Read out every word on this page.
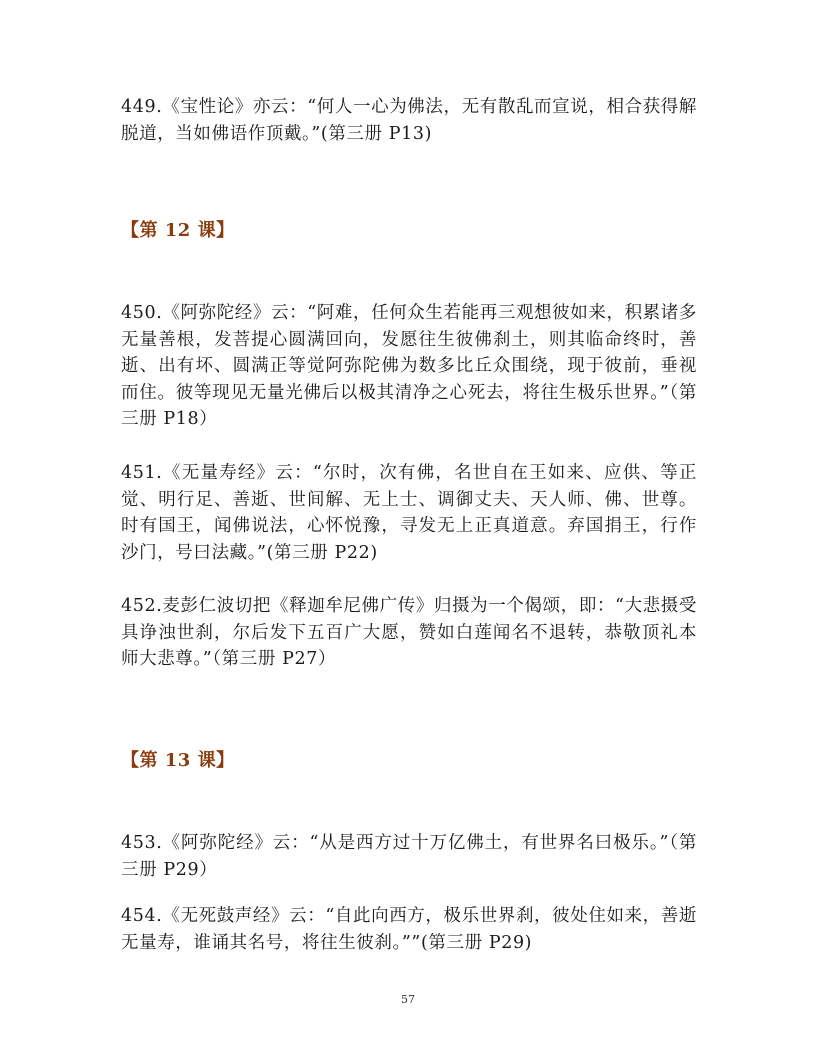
449.《宝性论》亦云：“何人一心为佛法，无有散乱而宣说，相合获得解脱道，当如佛语作顶戴。”(第三册 P13)

【第 12 课】

450.《阿弥陀经》云：“阿难，任何众生若能再三观想彼如来，积累诸多无量善根，发菩提心圆满回向，发愿往生彼佛刹土，则其临命终时，善逝、出有坏、圆满正等觉阿弥陀佛为数多比丘众围绕，现于彼前，垂视而住。彼等现见无量光佛后以极其清净之心死去，将往生极乐世界。”（第三册 P18）

451.《无量寿经》云：“尔时，次有佛，名世自在王如来、应供、等正觉、明行足、善逝、世间解、无上士、调御丈夫、天人师、佛、世尊。时有国王，闻佛说法，心怀悦豫，寻发无上正真道意。弃国捐王，行作沙门，号曰法藏。”(第三册 P22)

452.麦彭仁波切把《释迦牟尼佛广传》归摄为一个偈颂，即：“大悲摄受具诤浊世刹，尔后发下五百广大愿，赞如白莲闻名不退转，恭敬顶礼本师大悲尊。”（第三册 P27）

【第 13 课】

453.《阿弥陀经》云：“从是西方过十万亿佛土，有世界名曰极乐。”（第三册 P29）

454.《无死鼓声经》云：“自此向西方，极乐世界刹，彼处住如来，善逝无量寿，谁诵其名号，将往生彼刹。””(第三册 P29)

57
